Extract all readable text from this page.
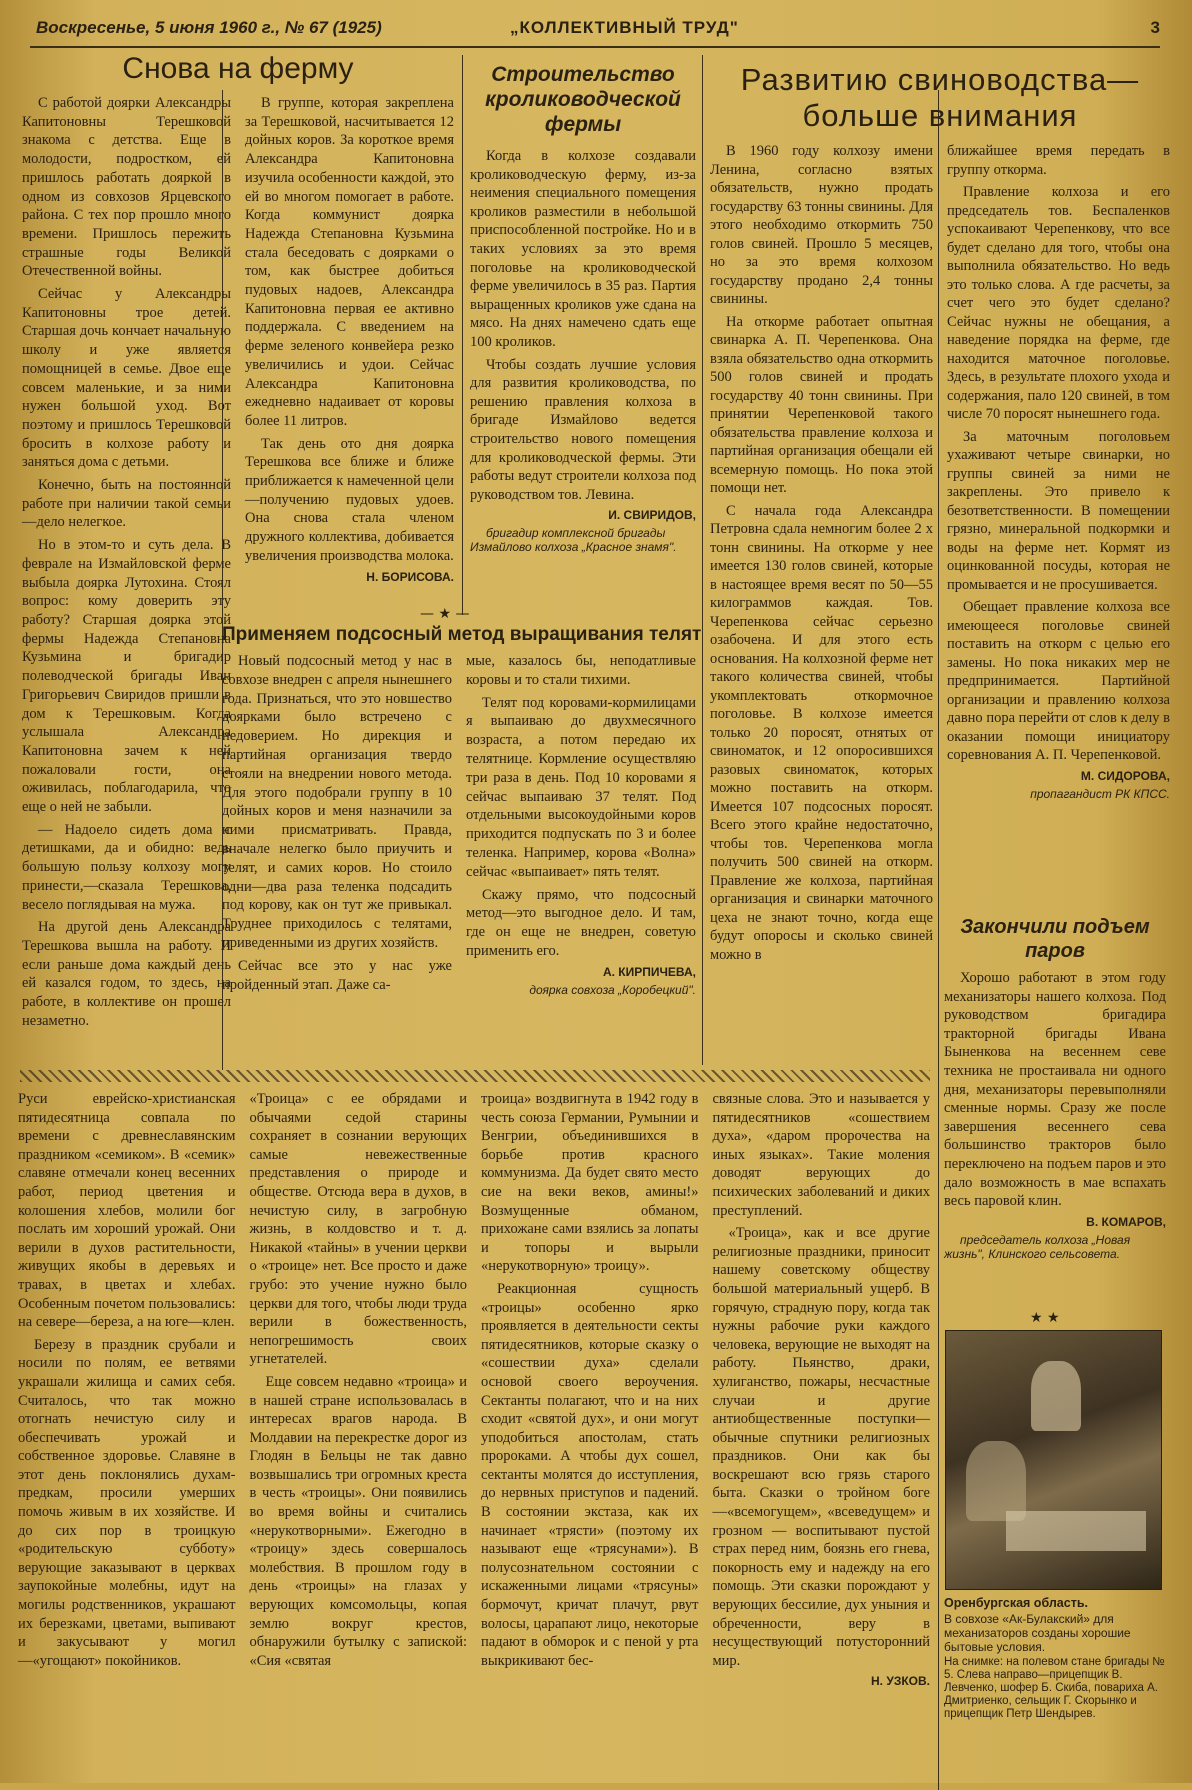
Воскресенье, 5 июня 1960 г., № 67 (1925)	„КОЛЛЕКТИВНЫЙ ТРУД"	3
Снова на ферму

С работой доярки Александры Капитоновны Терешковой знакома с детства. Еще в молодости, подростком, ей пришлось работать дояркой в одном из совхозов Ярцевского района. С тех пор прошло много времени. Пришлось пережить страшные годы Великой Отечественной войны.

Сейчас у Александры Капитоновны трое детей. Старшая дочь кончает начальную школу и уже является помощницей в семье. Двое еще совсем маленькие, и за ними нужен большой уход. Вот поэтому и пришлось Терешковой бросить в колхозе работу и заняться дома с детьми.

Конечно, быть на постоянной работе при наличии такой семьи—дело нелегкое.

Но в этом-то и суть дела. В феврале на Измайловской ферме выбыла доярка Лутохина. Стоял вопрос: кому доверить эту работу? Старшая доярка этой фермы Надежда Степановна Кузьмина и бригадир полеводческой бригады Иван Григорьевич Свиридов пришли в дом к Терешковым. Когда услышала Александра Капитоновна зачем к ней пожаловали гости, она оживилась, поблагодарила, что еще о ней не забыли.

— Надоело сидеть дома с детишками, да и обидно: ведь большую пользу колхозу могу принести,—сказала Терешкова, весело поглядывая на мужа.

На другой день Александра Терешкова вышла на работу. И если раньше дома каждый день ей казался годом, то здесь, на работе, в коллективе он прошел незаметно.

В группе, которая закреплена за Терешковой, насчитывается 12 дойных коров. За короткое время Александра Капитоновна изучила особенности каждой, это ей во многом помогает в работе. Когда коммунист доярка Надежда Степановна Кузьмина стала беседовать с доярками о том, как быстрее добиться пудовых надоев, Александра Капитоновна первая ее активно поддержала. С введением на ферме зеленого конвейера резко увеличились и удои. Сейчас Александра Капитоновна ежедневно надаивает от коровы более 11 литров.

Так день ото дня доярка Терешкова все ближе и ближе приближается к намеченной цели—получению пудовых удоев. Она снова стала членом дружного коллектива, добивается увеличения производства молока.

Н. БОРИСОВА.

Строительство кролиководческой фермы

Когда в колхозе создавали кролиководческую ферму, из-за неимения специального помещения кроликов разместили в небольшой приспособленной постройке. Но и в таких условиях за это время поголовье на кролиководческой ферме увеличилось в 35 раз. Партия выращенных кроликов уже сдана на мясо. На днях намечено сдать еще 100 кроликов.

Чтобы создать лучшие условия для развития кролиководства, по решению правления колхоза в бригаде Измайлово ведется строительство нового помещения для кролиководческой фермы. Эти работы ведут строители колхоза под руководством тов. Левина.

И. СВИРИДОВ,

бригадир комплексной бригады Измайлово колхоза „Красное знамя".

Развитию свиноводства— больше внимания

В 1960 году колхозу имени Ленина, согласно взятых обязательств, нужно продать государству 63 тонны свинины. Для этого необходимо откормить 750 голов свиней. Прошло 5 месяцев, но за это время колхозом государству продано 2,4 тонны свинины.

На откорме работает опытная свинарка А. П. Черепенкова. Она взяла обязательство одна откормить 500 голов свиней и продать государству 40 тонн свинины. При принятии Черепенковой такого обязательства правление колхоза и партийная организация обещали ей всемерную помощь. Но пока этой помощи нет.

С начала года Александра Петровна сдала немногим более 2 х тонн свинины. На откорме у нее имеется 130 голов свиней, которые в настоящее время весят по 50—55 килограммов каждая. Тов. Черепенкова сейчас серьезно озабочена. И для этого есть основания. На колхозной ферме нет такого количества свиней, чтобы укомплектовать откормочное поголовье. В колхозе имеется только 20 поросят, отнятых от свиноматок, и 12 опоросившихся разовых свиноматок, которых можно поставить на откорм. Имеется 107 подсосных поросят. Всего этого крайне недостаточно, чтобы тов. Черепенкова могла получить 500 свиней на откорм. Правление же колхоза, партийная организация и свинарки маточного цеха не знают точно, когда еще будут опоросы и сколько свиней можно в

ближайшее время передать в группу откорма.

Правление колхоза и его председатель тов. Беспаленков успокаивают Черепенкову, что все будет сделано для того, чтобы она выполнила обязательство. Но ведь это только слова. А где расчеты, за счет чего это будет сделано? Сейчас нужны не обещания, а наведение порядка на ферме, где находится маточное поголовье. Здесь, в результате плохого ухода и содержания, пало 120 свиней, в том числе 70 поросят нынешнего года.

За маточным поголовьем ухаживают четыре свинарки, но группы свиней за ними не закреплены. Это привело к безответственности. В помещении грязно, минеральной подкормки и воды на ферме нет. Кормят из оцинкованной посуды, которая не промывается и не просушивается.

Обещает правление колхоза все имеющееся поголовье свиней поставить на откорм с целью его замены. Но пока никаких мер не предпринимается. Партийной организации и правлению колхоза давно пора перейти от слов к делу в оказании помощи инициатору соревнования А. П. Черепенковой.

М. СИДОРОВА,

пропагандист РК КПСС.

— ★ —
Применяем подсосный метод выращивания телят

Новый подсосный метод у нас в совхозе внедрен с апреля нынешнего года. Признаться, что это новшество доярками было встречено с недоверием. Но дирекция и партийная организация твердо стояли на внедрении нового метода. Для этого подобрали группу в 10 дойных коров и меня назначили за ними присматривать. Правда, вначале нелегко было приучить и телят, и самих коров. Но стоило одни—два раза теленка подсадить под корову, как он тут же привыкал. Труднее приходилось с телятами, приведенными из других хозяйств.

Сейчас все это у нас уже пройденный этап. Даже са-

мые, казалось бы, неподатливые коровы и то стали тихими.

Телят под коровами-кормилицами я выпаиваю до двухмесячного возраста, а потом передаю их телятнице. Кормление осуществляю три раза в день. Под 10 коровами я сейчас выпаиваю 37 телят. Под отдельными высокоудойными коров приходится подпускать по 3 и более теленка. Например, корова «Волна» сейчас «выпаивает» пять телят.

Скажу прямо, что подсосный метод—это выгодное дело. И там, где он еще не внедрен, советую применить его.

А. КИРПИЧЕВА,

доярка совхоза „Коробецкий".

Закончили подъем паров

Хорошо работают в этом году механизаторы нашего колхоза. Под руководством бригадира тракторной бригады Ивана Быненкова на весеннем севе техника не простаивала ни одного дня, механизаторы перевыполняли сменные нормы. Сразу же после завершения весеннего сева большинство тракторов было переключено на подъем паров и это дало возможность в мае вспахать весь паровой клин.

В. КОМАРОВ,

председатель колхоза „Новая жизнь", Клинского сельсовета.

★ ★

Оренбургская область.

В совхозе «Ак-Булакский» для механизаторов созданы хорошие бытовые условия.

На снимке: на полевом стане бригады № 5. Слева направо—прицепщик В. Левченко, шофер Б. Скиба, повариха А. Дмитриенко, сельщик Г. Скорынко и прицепщик Петр Шендырев.

Руси еврейско-христианская пятидесятница совпала по времени с древнеславянским праздником «семиком». В «семик» славяне отмечали конец весенних работ, период цветения и колошения хлебов, молили бог послать им хороший урожай. Они верили в духов растительности, живущих якобы в деревьях и травах, в цветах и хлебах. Особенным почетом пользовались: на севере—береза, а на юге—клен.

Березу в праздник срубали и носили по полям, ее ветвями украшали жилища и самих себя. Считалось, что так можно отогнать нечистую силу и обеспечивать урожай и собственное здоровье. Славяне в этот день поклонялись духам-предкам, просили умерших помочь живым в их хозяйстве. И до сих пор в троицкую «родительскую субботу» верующие заказывают в церквах заупокойные молебны, идут на могилы родственников, украшают их березками, цветами, выпивают и закусывают у могил—«угощают» покойников.

«Троица» с ее обрядами и обычаями седой старины сохраняет в сознании верующих самые невежественные представления о природе и обществе. Отсюда вера в духов, в нечистую силу, в загробную жизнь, в колдовство и т. д. Никакой «тайны» в учении церкви о «троице» нет. Все просто и даже грубо: это учение нужно было церкви для того, чтобы люди труда верили в божественность, непогрешимость своих угнетателей.

Еще совсем недавно «троица» и в нашей стране использовалась в интересах врагов народа. В Молдавии на перекрестке дорог из Глодян в Бельцы не так давно возвышались три огромных креста в честь «троицы». Они появились во время войны и считались «нерукотворными». Ежегодно в «троицу» здесь совершалось молебствия. В прошлом году в день «троицы» на глазах у верующих комсомольцы, копая землю вокруг крестов, обнаружили бутылку с запиской: «Сия «святая

троица» воздвигнута в 1942 году в честь союза Германии, Румынии и Венгрии, объединившихся в борьбе против красного коммунизма. Да будет свято место сие на веки веков, амины!» Возмущенные обманом, прихожане сами взялись за лопаты и топоры и вырыли «нерукотворную» троицу».

Реакционная сущность «троицы» особенно ярко проявляется в деятельности секты пятидесятников, которые сказку о «сошествии духа» сделали основой своего вероучения. Сектанты полагают, что и на них сходит «святой дух», и они могут уподобиться апостолам, стать пророками. А чтобы дух сошел, сектанты молятся до исступления, до нервных приступов и падений. В состоянии экстаза, как их начинает «трясти» (поэтому их называют еще «трясунами»). В полусознательном состоянии с искаженными лицами «трясуны» бормочут, кричат плачут, рвут волосы, царапают лицо, некоторые падают в обморок и с пеной у рта выкрикивают бес-

связные слова. Это и называется у пятидесятников «сошествием духа», «даром пророчества на иных языках». Такие моления доводят верующих до психических заболеваний и диких преступлений.

«Троица», как и все другие религиозные праздники, приносит нашему советскому обществу большой материальный ущерб. В горячую, страдную пору, когда так нужны рабочие руки каждого человека, верующие не выходят на работу. Пьянство, драки, хулиганство, пожары, несчастные случаи и другие антиобщественные поступки—обычные спутники религиозных праздников. Они как бы воскрешают всю грязь старого быта. Сказки о тройном боге—«всемогущем», «всеведущем» и грозном — воспитывают пустой страх перед ним, боязнь его гнева, покорность ему и надежду на его помощь. Эти сказки порождают у верующих бессилие, дух уныния и обреченности, веру в несуществующий потусторонний мир.

Н. УЗКОВ.
